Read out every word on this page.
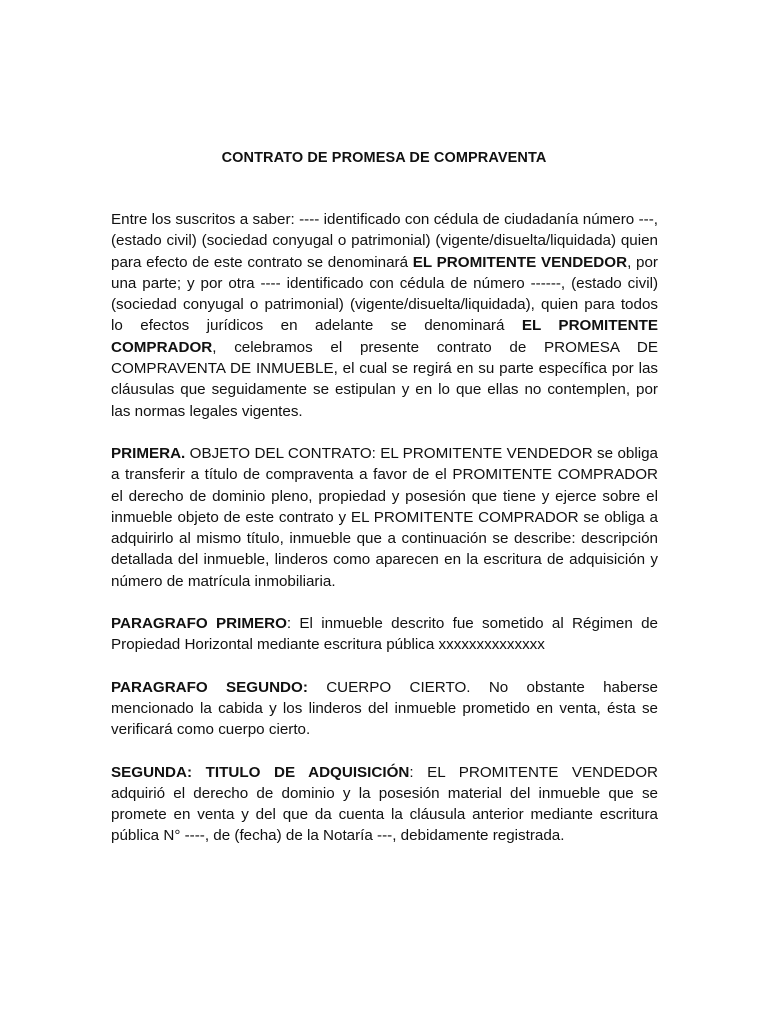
CONTRATO DE PROMESA DE COMPRAVENTA

Entre los suscritos a saber: ---- identificado con cédula de ciudadanía número ---, (estado civil) (sociedad conyugal o patrimonial) (vigente/disuelta/liquidada) quien para efecto de este contrato se denominará EL PROMITENTE VENDEDOR, por una parte; y por otra ---- identificado con cédula de número ------, (estado civil) (sociedad conyugal o patrimonial) (vigente/disuelta/liquidada), quien para todos lo efectos jurídicos en adelante se denominará EL PROMITENTE COMPRADOR, celebramos el presente contrato de PROMESA DE COMPRAVENTA DE INMUEBLE, el cual se regirá en su parte específica por las cláusulas que seguidamente se estipulan y en lo que ellas no contemplen, por las normas legales vigentes.

PRIMERA. OBJETO DEL CONTRATO: EL PROMITENTE VENDEDOR se obliga a transferir a título de compraventa a favor de el PROMITENTE COMPRADOR el derecho de dominio pleno, propiedad y posesión que tiene y ejerce sobre el inmueble objeto de este contrato y EL PROMITENTE COMPRADOR se obliga a adquirirlo al mismo título, inmueble que a continuación se describe: descripción detallada del inmueble, linderos como aparecen en la escritura de adquisición y número de matrícula inmobiliaria.

PARAGRAFO PRIMERO: El inmueble descrito fue sometido al Régimen de Propiedad Horizontal mediante escritura pública xxxxxxxxxxxxxx

PARAGRAFO SEGUNDO: CUERPO CIERTO. No obstante haberse mencionado la cabida y los linderos del inmueble prometido en venta, ésta se verificará como cuerpo cierto.

SEGUNDA: TITULO DE ADQUISICIÓN: EL PROMITENTE VENDEDOR adquirió el derecho de dominio y la posesión material del inmueble que se promete en venta y del que da cuenta la cláusula anterior mediante escritura pública N° ----, de (fecha) de la Notaría ---, debidamente registrada.
